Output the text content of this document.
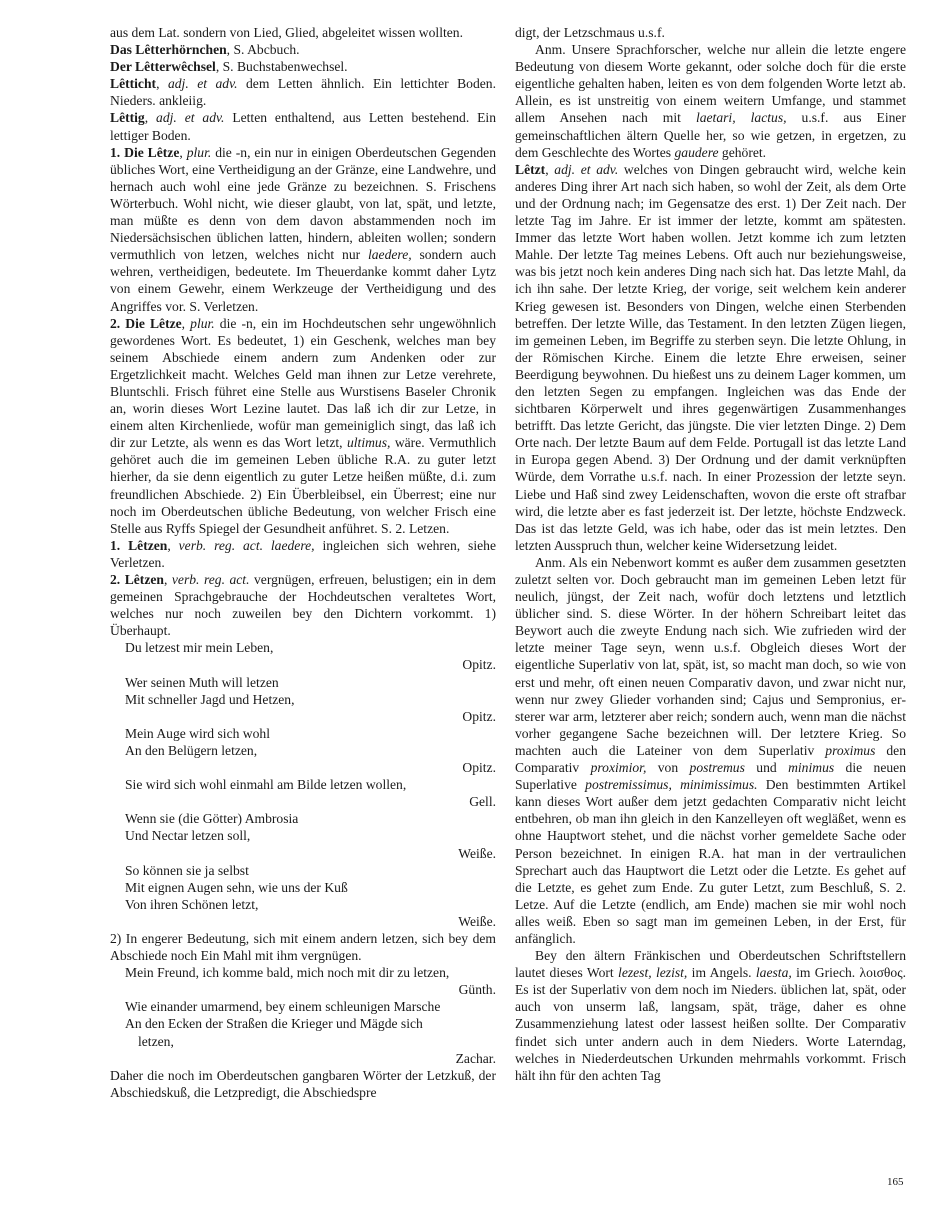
aus dem Lat. sondern von Lied, Glied, abgeleitet wissen wollten.

Das Lêtterhörnchen, S. Abcbuch.

Der Lêtterwêchsel, S. Buchstabenwechsel.

Lêtticht, adj. et adv. dem Letten ähnlich. Ein lettichter Boden. Nieders. ankleiig.

Lêttig, adj. et adv. Letten enthaltend, aus Letten bestehend. Ein lettiger Boden.

1. Die Lêtze, plur. die -n, ein nur in einigen Oberdeutschen Gegenden übliches Wort, eine Vertheidigung an der Gränze, eine Landwehre, und hernach auch wohl eine jede Gränze zu bezeichnen. S. Frischens Wörterbuch. Wohl nicht, wie dieser glaubt, von lat, spät, und letzte, man müßte es denn von dem davon abstammenden noch im Niedersächsischen üblichen latten, hindern, ableiten wollen; sondern vermuthlich von letzen, welches nicht nur laedere, sondern auch wehren, vertheidigen, bedeutete. Im Theuerdanke kommt daher Lytz von einem Gewehr, einem Werkzeuge der Vertheidigung und des Angriffes vor. S. Verletzen.

2. Die Lêtze, plur. die -n, ein im Hochdeutschen sehr ungewöhnlich gewordenes Wort. Es bedeutet, 1) ein Geschenk, welches man bey seinem Abschiede einem andern zum Andenken oder zur Ergetzlichkeit macht. Welches Geld man ihnen zur Letze verehrete, Bluntschli. Frisch führet eine Stelle aus Wurstisens Baseler Chronik an, worin dieses Wort Lezine lautet. Das laß ich dir zur Letze, in einem alten Kirchenliede, wofür man gemeiniglich singt, das laß ich dir zur Letzte, als wenn es das Wort letzt, ultimus, wäre. Vermuthlich gehöret auch die im gemeinen Leben übliche R.A. zu guter letzt hierher, da sie denn eigentlich zu guter Letze heißen müßte, d.i. zum freundlichen Abschiede. 2) Ein Überbleibsel, ein Überrest; eine nur noch im Oberdeutschen übliche Bedeutung, von welcher Frisch eine Stelle aus Ryffs Spiegel der Gesundheit anführet. S. 2. Letzen.

1. Lêtzen, verb. reg. act. laedere, ingleichen sich wehren, siehe Verletzen.

2. Lêtzen, verb. reg. act. vergnügen, erfreuen, belustigen; ein in dem gemeinen Sprachgebrauche der Hochdeutschen veraltetes Wort, welches nur noch zuweilen bey den Dichtern vorkommt. 1) Überhaupt.

Du letzest mir mein Leben,

Opitz.

Wer seinen Muth will letzen

Mit schneller Jagd und Hetzen,

Opitz.

Mein Auge wird sich wohl

An den Belügern letzen,

Opitz.

Sie wird sich wohl einmahl am Bilde letzen wollen,

Gell.

Wenn sie (die Götter) Ambrosia

Und Nectar letzen soll,

Weiße.

So können sie ja selbst

Mit eignen Augen sehn, wie uns der Kuß

Von ihren Schönen letzt,

Weiße.

2) In engerer Bedeutung, sich mit einem andern letzen, sich bey dem Abschiede noch Ein Mahl mit ihm vergnügen.

Mein Freund, ich komme bald, mich noch mit dir zu letzen,

Günth.

Wie einander umarmend, bey einem schleunigen Marsche

An den Ecken der Straßen die Krieger und Mägde sich

letzen,

Zachar.

Daher die noch im Oberdeutschen gangbaren Wörter der Letzkuß, der Abschiedskuß, die Letzpredigt, die Abschiedspre

digt, der Letzschmaus u.s.f.

Anm. Unsere Sprachforscher, welche nur allein die letzte engere Bedeutung von diesem Worte gekannt, oder solche doch für die erste eigentliche gehalten haben, leiten es von dem folgenden Worte letzt ab. Allein, es ist unstreitig von einem weitern Umfange, und stammet allem Ansehen nach mit laetari, lactus, u.s.f. aus Einer gemeinschaftlichen ältern Quelle her, so wie getzen, in ergetzen, zu dem Geschlechte des Wortes gaudere gehöret.

Lêtzt, adj. et adv. welches von Dingen gebraucht wird, welche kein anderes Ding ihrer Art nach sich haben, so wohl der Zeit, als dem Orte und der Ordnung nach; im Gegensatze des erst. 1) Der Zeit nach. Der letzte Tag im Jahre. Er ist immer der letzte, kommt am spätesten. Immer das letzte Wort haben wollen. Jetzt komme ich zum letzten Mahle. Der letzte Tag meines Lebens. Oft auch nur beziehungsweise, was bis jetzt noch kein anderes Ding nach sich hat. Das letzte Mahl, da ich ihn sahe. Der letzte Krieg, der vorige, seit welchem kein anderer Krieg gewesen ist. Besonders von Dingen, welche einen Sterbenden betreffen. Der letzte Wille, das Testament. In den letzten Zügen liegen, im gemeinen Leben, im Begriffe zu sterben seyn. Die letzte Ohlung, in der Römischen Kirche. Einem die letzte Ehre erweisen, seiner Beerdigung beywohnen. Du hießest uns zu deinem Lager kommen, um den letzten Segen zu empfangen. Ingleichen was das Ende der sichtbaren Körperwelt und ihres gegenwärtigen Zusammenhanges betrifft. Das letzte Gericht, das jüngste. Die vier letzten Dinge. 2) Dem Orte nach. Der letzte Baum auf dem Felde. Portugall ist das letzte Land in Europa gegen Abend. 3) Der Ordnung und der damit verknüpften Würde, dem Vorrathe u.s.f. nach. In einer Prozession der letzte seyn. Liebe und Haß sind zwey Leidenschaften, wovon die erste oft strafbar wird, die letzte aber es fast jederzeit ist. Der letzte, höchste Endzweck. Das ist das letzte Geld, was ich habe, oder das ist mein letztes. Den letzten Ausspruch thun, welcher keine Widersetzung leidet.

Anm. Als ein Nebenwort kommt es außer dem zusammen gesetzten zuletzt selten vor. Doch gebraucht man im gemeinen Leben letzt für neulich, jüngst, der Zeit nach, wofür doch letztens und letztlich üblicher sind. S. diese Wörter. In der höhern Schreibart leitet das Beywort auch die zweyte Endung nach sich. Wie zufrieden wird der letzte meiner Tage seyn, wenn u.s.f. Obgleich dieses Wort der eigentliche Superlativ von lat, spät, ist, so macht man doch, so wie von erst und mehr, oft einen neuen Comparativ davon, und zwar nicht nur, wenn nur zwey Glieder vorhanden sind; Cajus und Sempronius, ersterer war arm, letzterer aber reich; sondern auch, wenn man die nächst vorher gegangene Sache bezeichnen will. Der letztere Krieg. So machten auch die Lateiner von dem Superlativ proximus den Comparativ proximior, von postremus und minimus die neuen Superlative postremissimus, minimissimus. Den bestimmten Artikel kann dieses Wort außer dem jetzt gedachten Comparativ nicht leicht entbehren, ob man ihn gleich in den Kanzelleyen oft wegläßet, wenn es ohne Hauptwort stehet, und die nächst vorher gemeldete Sache oder Person bezeichnet. In einigen R.A. hat man in der vertraulichen Sprechart auch das Hauptwort die Letzt oder die Letzte. Es gehet auf die Letzte, es gehet zum Ende. Zu guter Letzt, zum Beschluß, S. 2. Letze. Auf die Letzte (endlich, am Ende) machen sie mir wohl noch alles weiß. Eben so sagt man im gemeinen Leben, in der Erst, für anfänglich.

Bey den ältern Fränkischen und Oberdeutschen Schriftstellern lautet dieses Wort lezest, lezist, im Angels. laesta, im Griech. λοισθος. Es ist der Superlativ von dem noch im Nieders. üblichen lat, spät, oder auch von unserm laß, langsam, spät, träge, daher es ohne Zusammenziehung latest oder lassest heißen sollte. Der Comparativ findet sich unter andern auch in dem Nieders. Worte Laterndag, welches in Niederdeutschen Urkunden mehrmahls vorkommt. Frisch hält ihn für den achten Tag

165
